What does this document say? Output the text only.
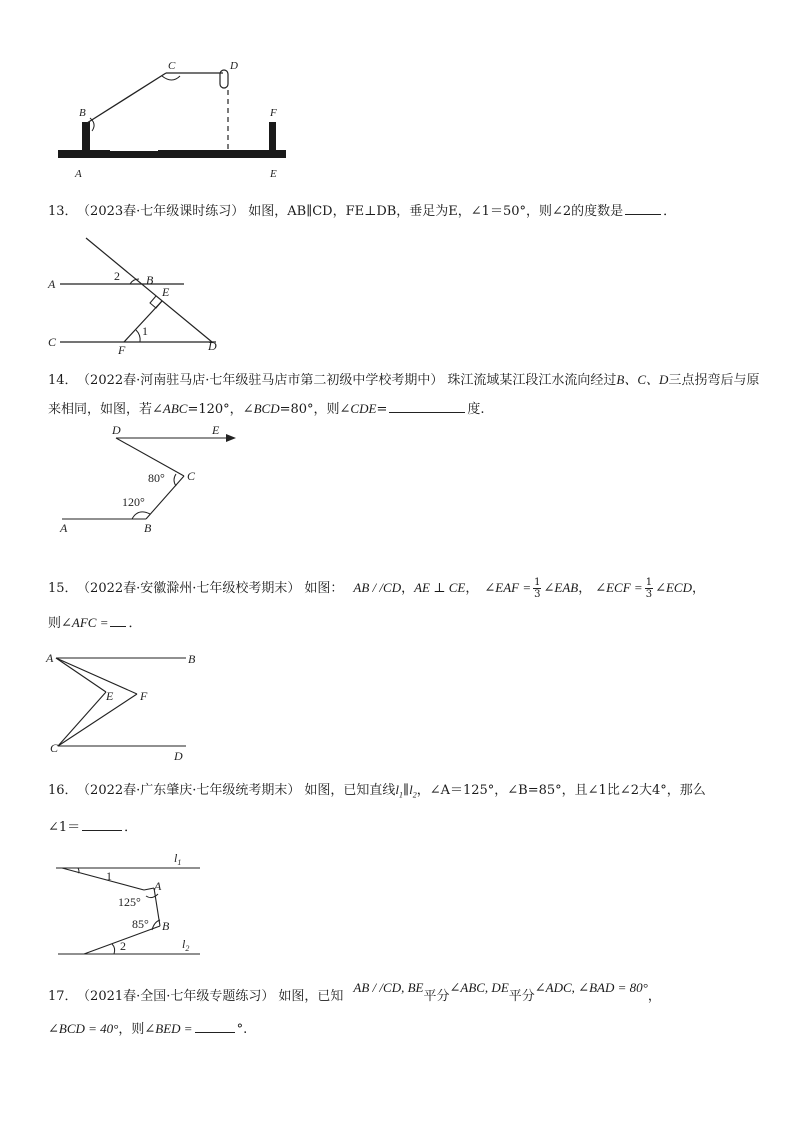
A
B
C	D
E
F
13． （2023春·七年级课时练习） 如图，AB∥CD，FE⊥DB，垂足为E，∠1＝50°，则∠2的度数是	．
A	B
C	D
E
F
1
2
14． （2022春·河南驻马店·七年级驻马店市第二初级中学校考期中） 珠江流域某江段江水流向经过B、C、D三点拐弯后与原来相同，如图，若∠ABC=120°，∠BCD=80°，则∠CDE=	度.
A	B
C
D	E
80°
120°
15． （2022春·安徽滁州·七年级校考期末） 如图： AB / /CD，AE ⊥ CE， ∠EAF = $\frac{1}{3}$ ∠EAB， ∠ECF = $\frac{1}{3}$ ∠ECD，
则∠AFC = ．
A	B
C
D
E F
16． （2022春·广东肇庆·七年级统考期末） 如图，已知直线$l_1\parallel l_2$，∠A＝125°，∠B=85°，且∠1比∠2大4°，那么
∠1＝	．
$l_1$
1
A
125°
85° B
2	$l_2$
17． （2021春·全国·七年级专题练习） 如图，已知AB / /CD, BE平分∠ABC, DE平分∠ADC, ∠BAD = 80°，
∠BCD = 40°，则∠BED =	°.
